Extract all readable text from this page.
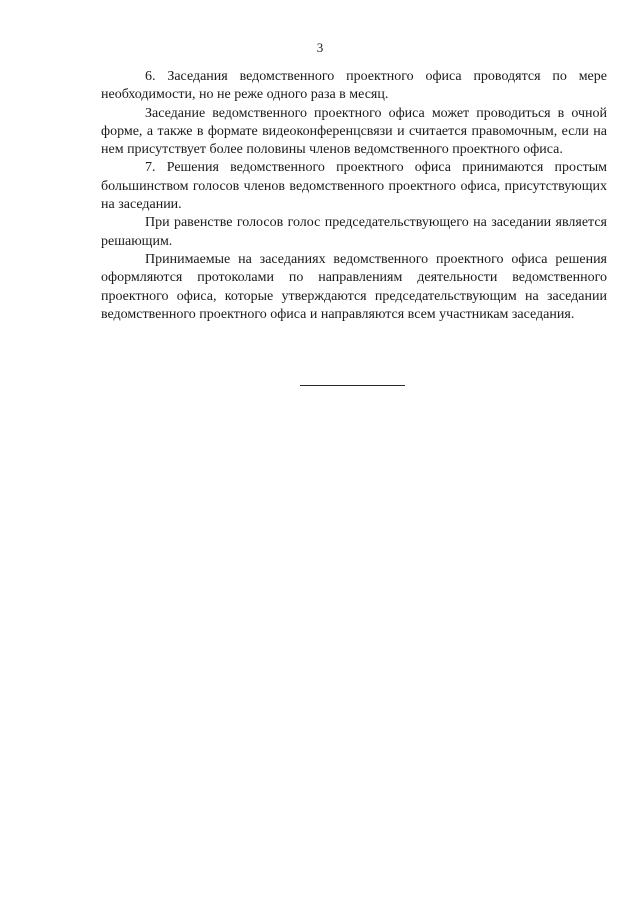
3

6. Заседания ведомственного проектного офиса проводятся по мере необходимости, но не реже одного раза в месяц.

Заседание ведомственного проектного офиса может проводиться в очной форме, а также в формате видеоконференцсвязи и считается правомочным, если на нем присутствует более половины членов ведомственного проектного офиса.

7. Решения ведомственного проектного офиса принимаются простым большинством голосов членов ведомственного проектного офиса, присутствующих на заседании.

При равенстве голосов голос председательствующего на заседании является решающим.

Принимаемые на заседаниях ведомственного проектного офиса решения оформляются протоколами по направлениям деятельности ведомственного проектного офиса, которые утверждаются председательствующим на заседании ведомственного проектного офиса и направляются всем участникам заседания.
